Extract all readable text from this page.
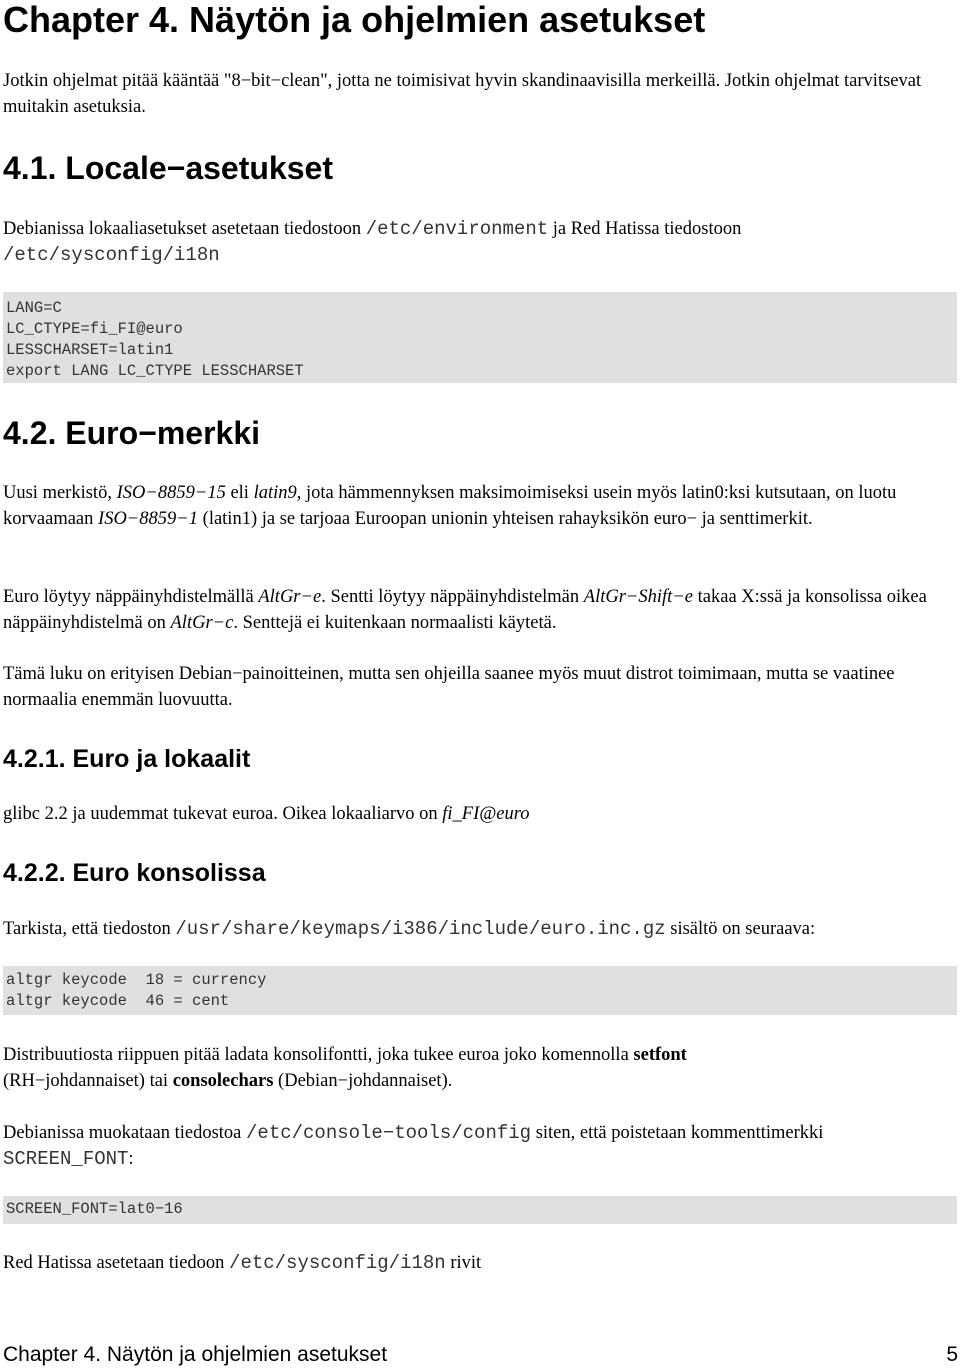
Chapter 4. Näytön ja ohjelmien asetukset

Jotkin ohjelmat pitää kääntää "8−bit−clean", jotta ne toimisivat hyvin skandinaavisilla merkeillä. Jotkin ohjelmat tarvitsevat muitakin asetuksia.

4.1. Locale−asetukset

Debianissa lokaaliasetukset asetetaan tiedostoon /etc/environment ja Red Hatissa tiedostoon
/etc/sysconfig/i18n

LANG=C
LC_CTYPE=fi_FI@euro
LESSCHARSET=latin1
export LANG LC_CTYPE LESSCHARSET
4.2. Euro−merkki

Uusi merkistö, ISO−8859−15 eli latin9, jota hämmennyksen maksimoimiseksi usein myös latin0:ksi kutsutaan, on luotu korvaamaan ISO−8859−1 (latin1) ja se tarjoaa Euroopan unionin yhteisen rahayksikön euro− ja senttimerkit.

Euro löytyy näppäinyhdistelmällä AltGr−e. Sentti löytyy näppäinyhdistelmän AltGr−Shift−e takaa X:ssä ja konsolissa oikea näppäinyhdistelmä on AltGr−c. Senttejä ei kuitenkaan normaalisti käytetä.

Tämä luku on erityisen Debian−painoitteinen, mutta sen ohjeilla saanee myös muut distrot toimimaan, mutta se vaatinee normaalia enemmän luovuutta.

4.2.1. Euro ja lokaalit

glibc 2.2 ja uudemmat tukevat euroa. Oikea lokaaliarvo on fi_FI@euro

4.2.2. Euro konsolissa

Tarkista, että tiedoston /usr/share/keymaps/i386/include/euro.inc.gz sisältö on seuraava:

altgr keycode  18 = currency
altgr keycode  46 = cent

Distribuutiosta riippuen pitää ladata konsolifontti, joka tukee euroa joko komennolla setfont
(RH−johdannaiset) tai consolechars (Debian−johdannaiset).

Debianissa muokataan tiedostoa /etc/console−tools/config siten, että poistetaan kommenttimerkki
SCREEN_FONT:

SCREEN_FONT=lat0−16

Red Hatissa asetetaan tiedoon /etc/sysconfig/i18n rivit

Chapter 4. Näytön ja ohjelmien asetukset	5
